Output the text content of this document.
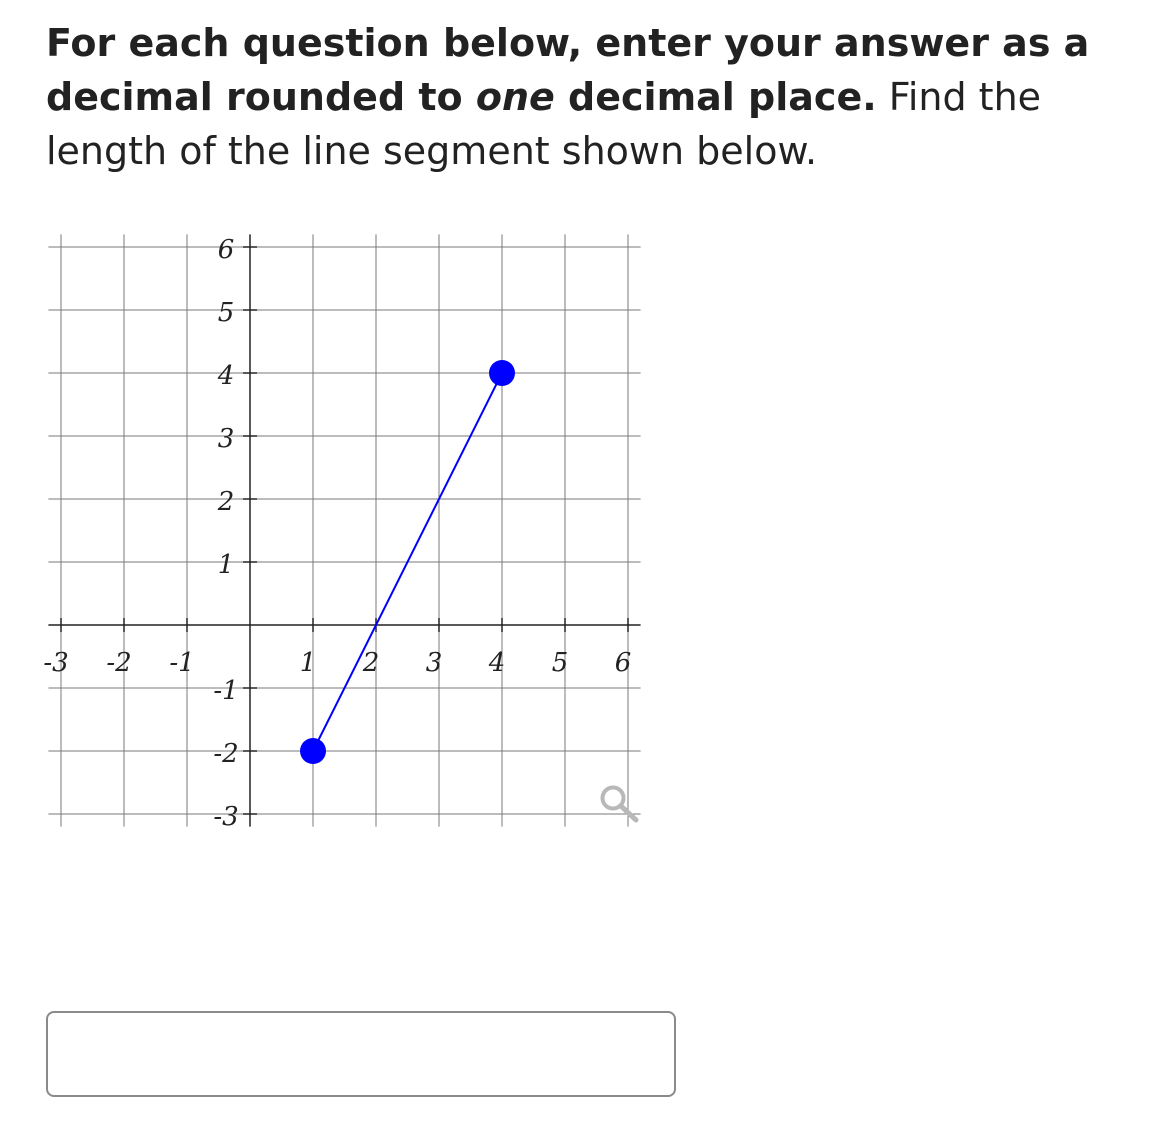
For each question below, enter your answer as a decimal rounded to one decimal place. Find the length of the line segment shown below.

-3 -2 -1	1 2 3 4 5 6
6
5
4
3
2
1
-1
-2
-3
